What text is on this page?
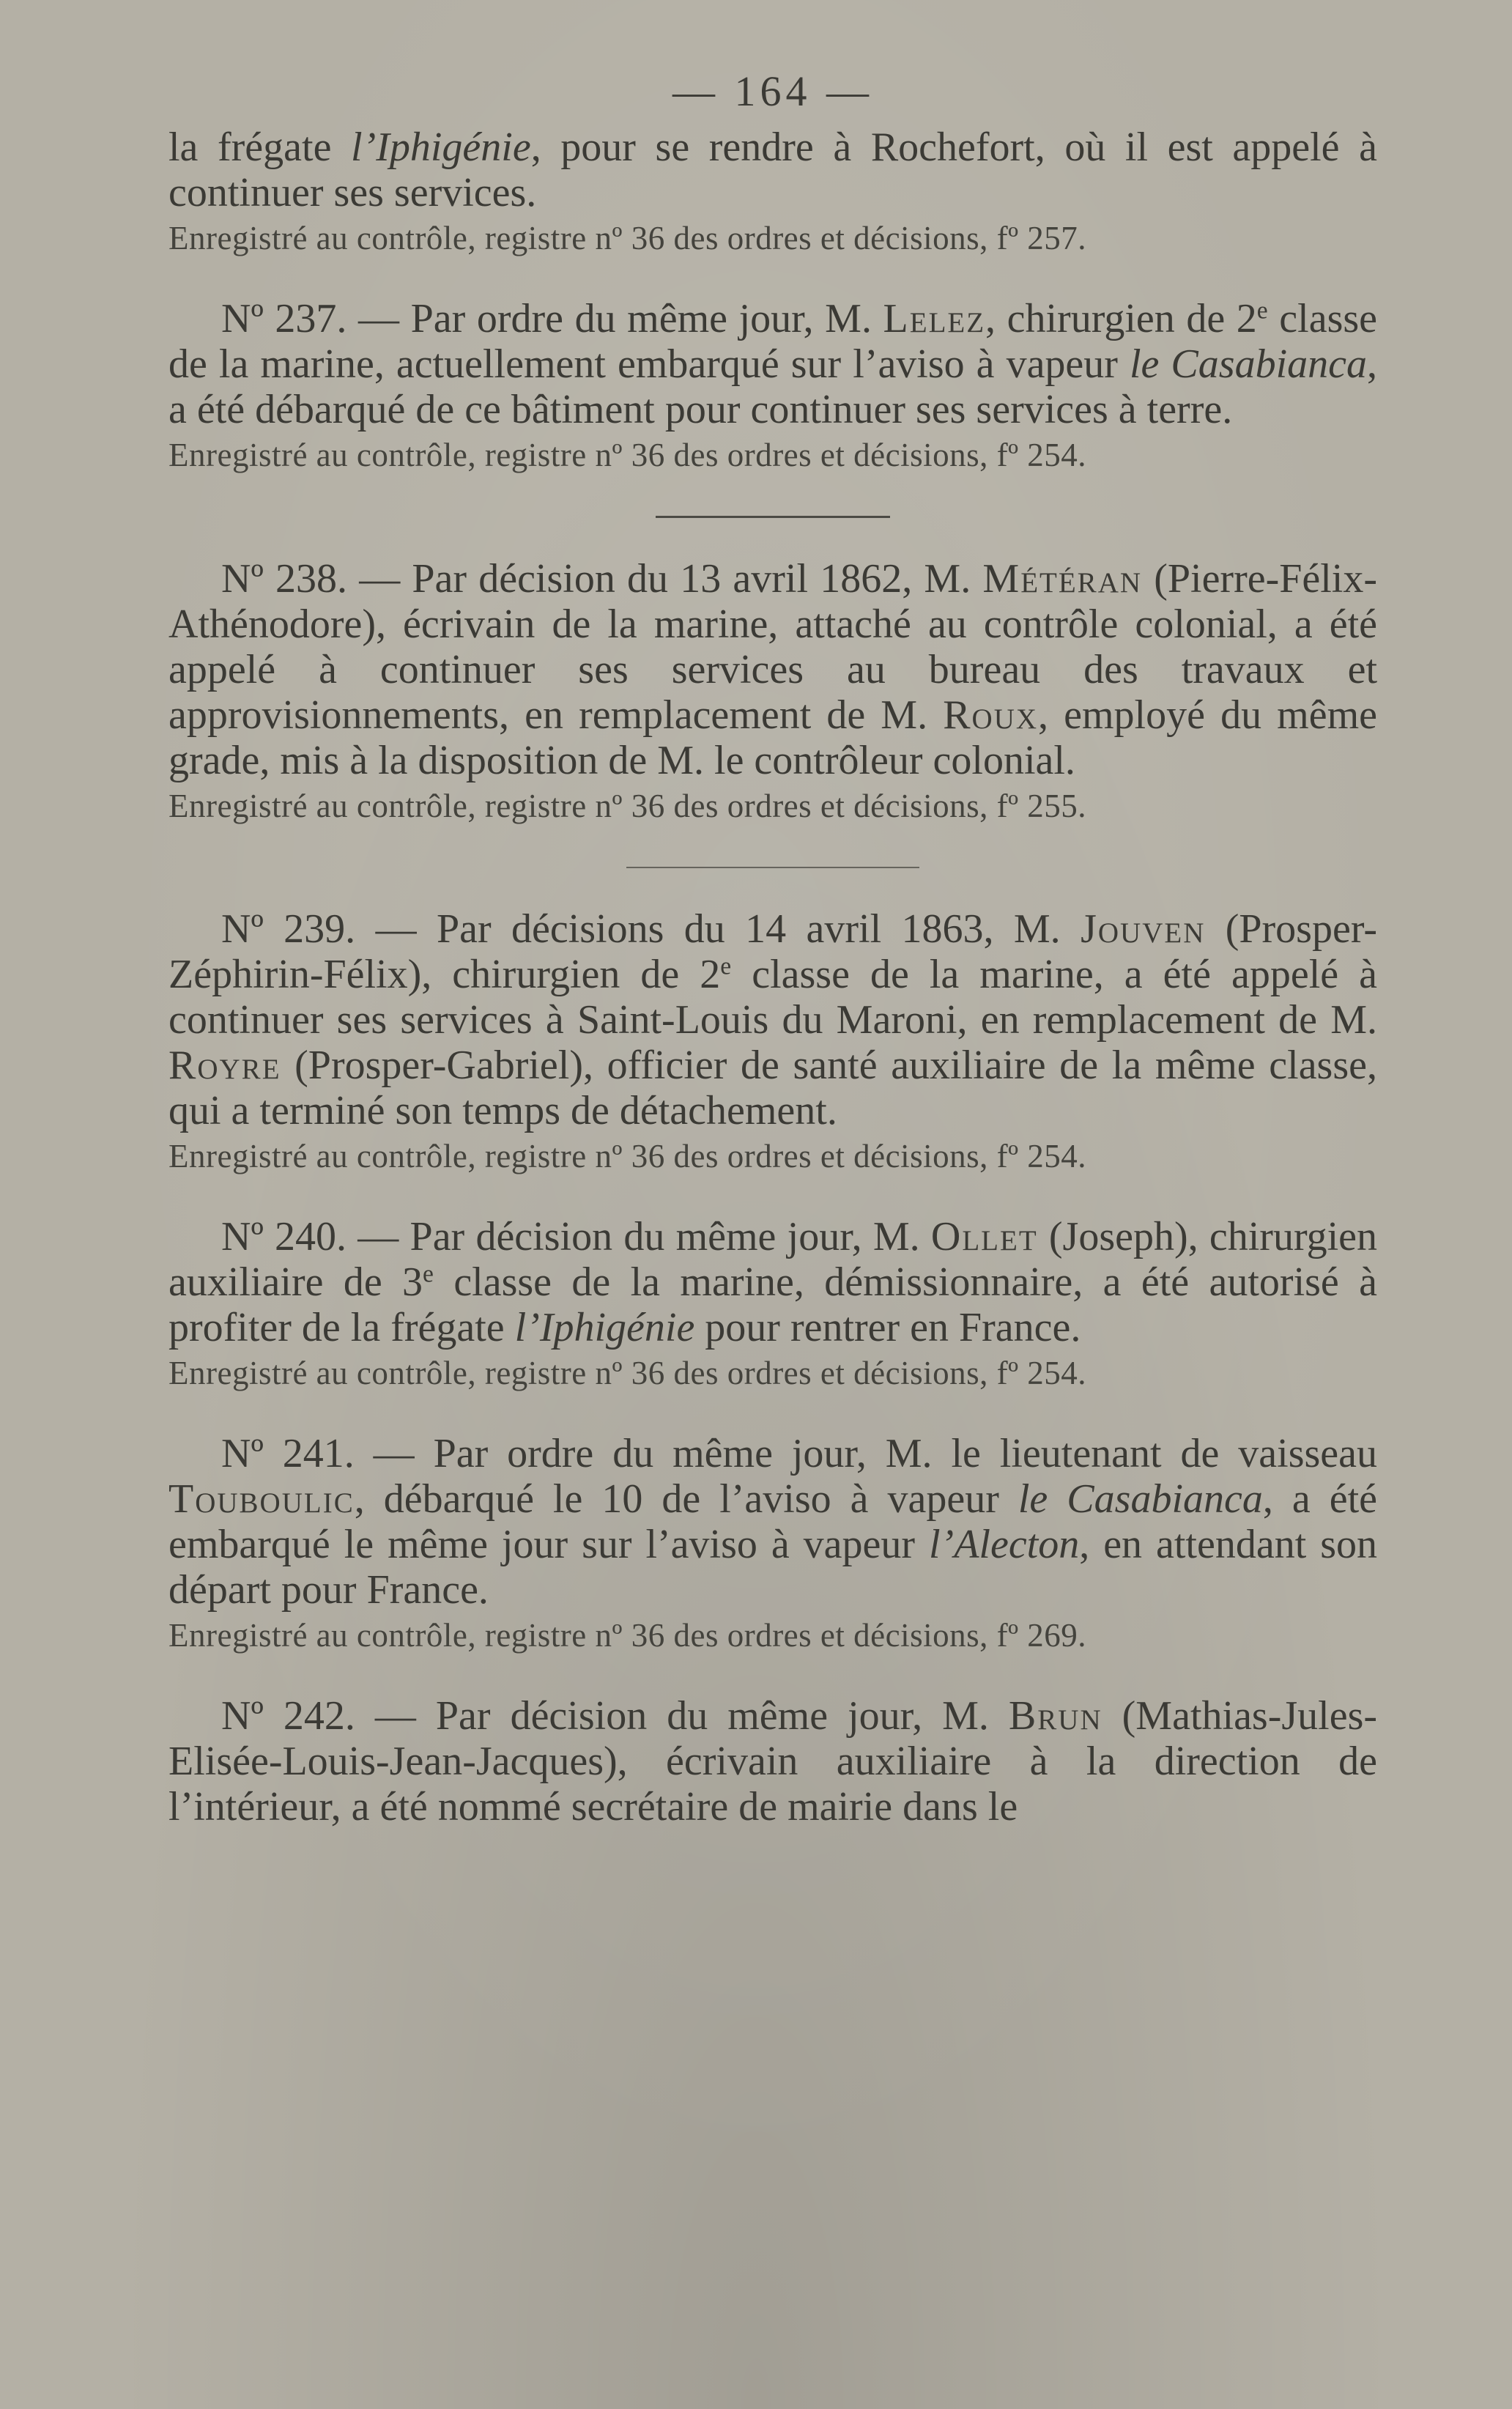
— 164 —

la frégate l’Iphigénie, pour se rendre à Rochefort, où il est appelé à continuer ses services.

Enregistré au contrôle, registre nº 36 des ordres et décisions, fº 257.

Nº 237. — Par ordre du même jour, M. Lelez, chirurgien de 2e classe de la marine, actuellement embarqué sur l’aviso à vapeur le Casabianca, a été débarqué de ce bâtiment pour continuer ses services à terre.

Enregistré au contrôle, registre nº 36 des ordres et décisions, fº 254.

Nº 238. — Par décision du 13 avril 1862, M. Météran (Pierre-Félix-Athénodore), écrivain de la marine, attaché au contrôle colonial, a été appelé à continuer ses services au bureau des travaux et approvisionnements, en remplacement de M. Roux, employé du même grade, mis à la disposition de M. le contrôleur colonial.

Enregistré au contrôle, registre nº 36 des ordres et décisions, fº 255.

Nº 239. — Par décisions du 14 avril 1863, M. Jouven (Prosper-Zéphirin-Félix), chirurgien de 2e classe de la marine, a été appelé à continuer ses services à Saint-Louis du Maroni, en remplacement de M. Royre (Prosper-Gabriel), officier de santé auxiliaire de la même classe, qui a terminé son temps de détachement.

Enregistré au contrôle, registre nº 36 des ordres et décisions, fº 254.

Nº 240. — Par décision du même jour, M. Ollet (Joseph), chirurgien auxiliaire de 3e classe de la marine, démissionnaire, a été autorisé à profiter de la frégate l’Iphigénie pour rentrer en France.

Enregistré au contrôle, registre nº 36 des ordres et décisions, fº 254.

Nº 241. — Par ordre du même jour, M. le lieutenant de vaisseau Touboulic, débarqué le 10 de l’aviso à vapeur le Casabianca, a été embarqué le même jour sur l’aviso à vapeur l’Alecton, en attendant son départ pour France.

Enregistré au contrôle, registre nº 36 des ordres et décisions, fº 269.

Nº 242. — Par décision du même jour, M. Brun (Mathias-Jules-Elisée-Louis-Jean-Jacques), écrivain auxiliaire à la direction de l’intérieur, a été nommé secrétaire de mairie dans le
